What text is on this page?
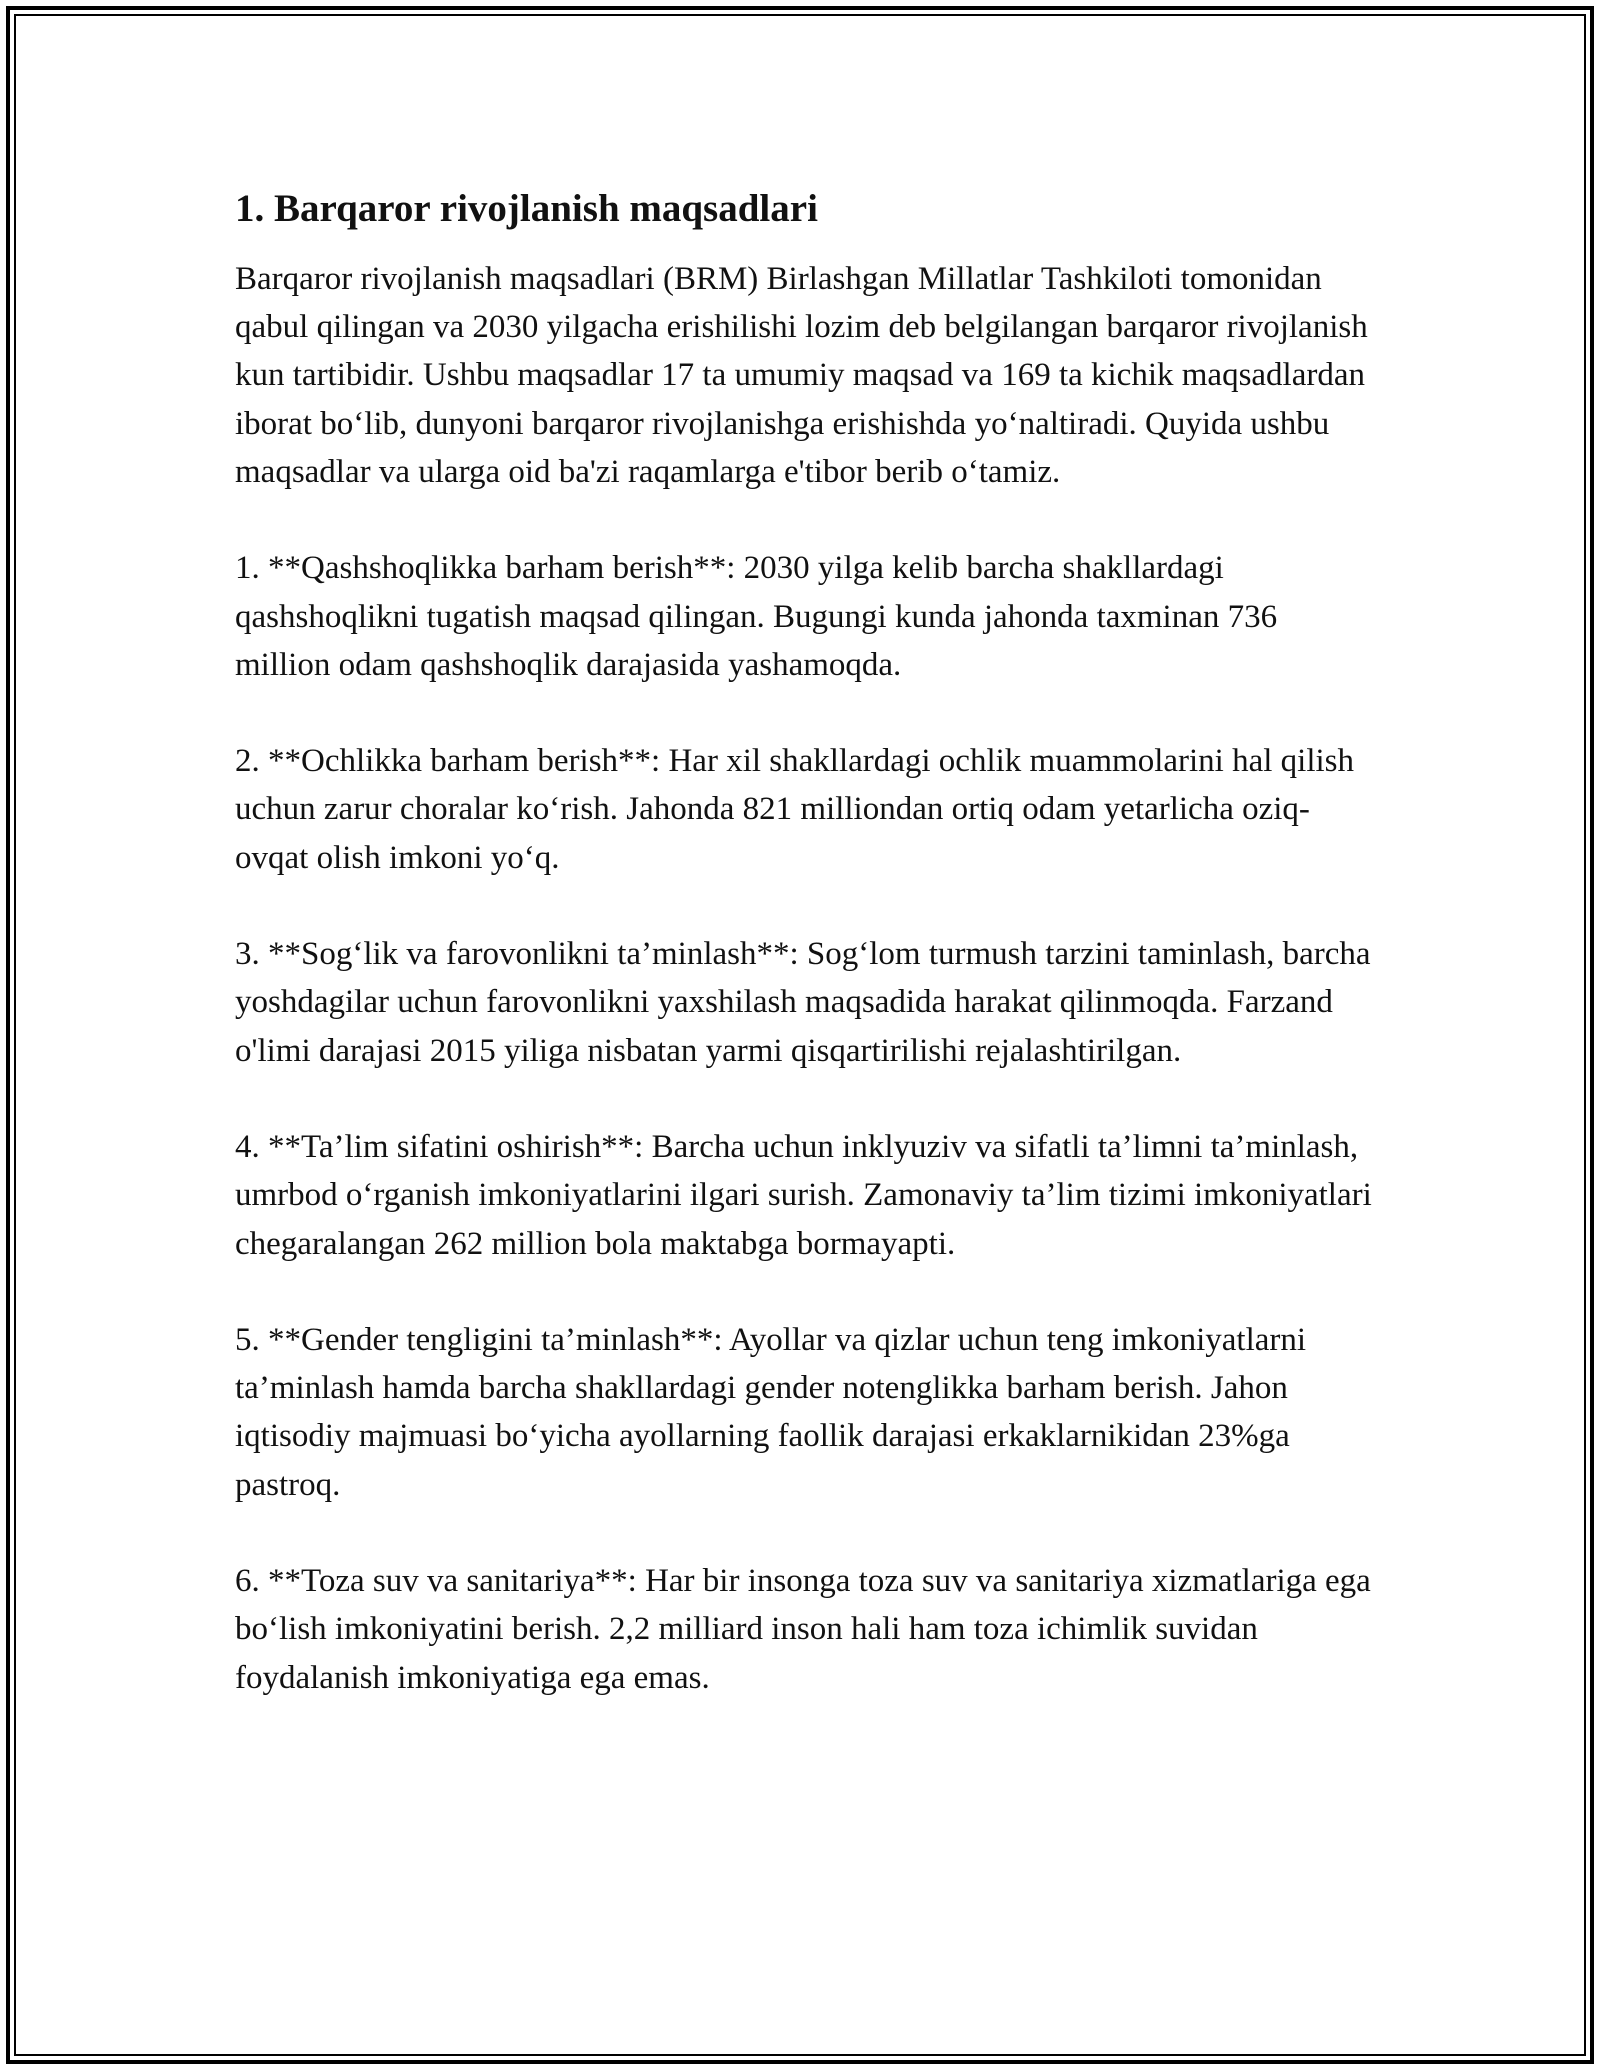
1. Barqaror rivojlanish maqsadlari

Barqaror rivojlanish maqsadlari (BRM) Birlashgan Millatlar Tashkiloti tomonidan qabul qilingan va 2030 yilgacha erishilishi lozim deb belgilangan barqaror rivojlanish kun tartibidir. Ushbu maqsadlar 17 ta umumiy maqsad va 169 ta kichik maqsadlardan iborat bo‘lib, dunyoni barqaror rivojlanishga erishishda yo‘naltiradi. Quyida ushbu maqsadlar va ularga oid ba'zi raqamlarga e'tibor berib o‘tamiz.

1. **Qashshoqlikka barham berish**: 2030 yilga kelib barcha shakllardagi qashshoqlikni tugatish maqsad qilingan. Bugungi kunda jahonda taxminan 736 million odam qashshoqlik darajasida yashamoqda.

2. **Ochlikka barham berish**: Har xil shakllardagi ochlik muammolarini hal qilish uchun zarur choralar ko‘rish. Jahonda 821 milliondan ortiq odam yetarlicha oziq-ovqat olish imkoni yo‘q.

3. **Sog‘lik va farovonlikni ta’minlash**: Sog‘lom turmush tarzini taminlash, barcha yoshdagilar uchun farovonlikni yaxshilash maqsadida harakat qilinmoqda. Farzand o'limi darajasi 2015 yiliga nisbatan yarmi qisqartirilishi rejalashtirilgan.

4. **Ta’lim sifatini oshirish**: Barcha uchun inklyuziv va sifatli ta’limni ta’minlash, umrbod o‘rganish imkoniyatlarini ilgari surish. Zamonaviy ta’lim tizimi imkoniyatlari chegaralangan 262 million bola maktabga bormayapti.

5. **Gender tengligini ta’minlash**: Ayollar va qizlar uchun teng imkoniyatlarni ta’minlash hamda barcha shakllardagi gender notenglikka barham berish. Jahon iqtisodiy majmuasi bo‘yicha ayollarning faollik darajasi erkaklarnikidan 23%ga pastroq.

6. **Toza suv va sanitariya**: Har bir insonga toza suv va sanitariya xizmatlariga ega bo‘lish imkoniyatini berish. 2,2 milliard inson hali ham toza ichimlik suvidan foydalanish imkoniyatiga ega emas.
